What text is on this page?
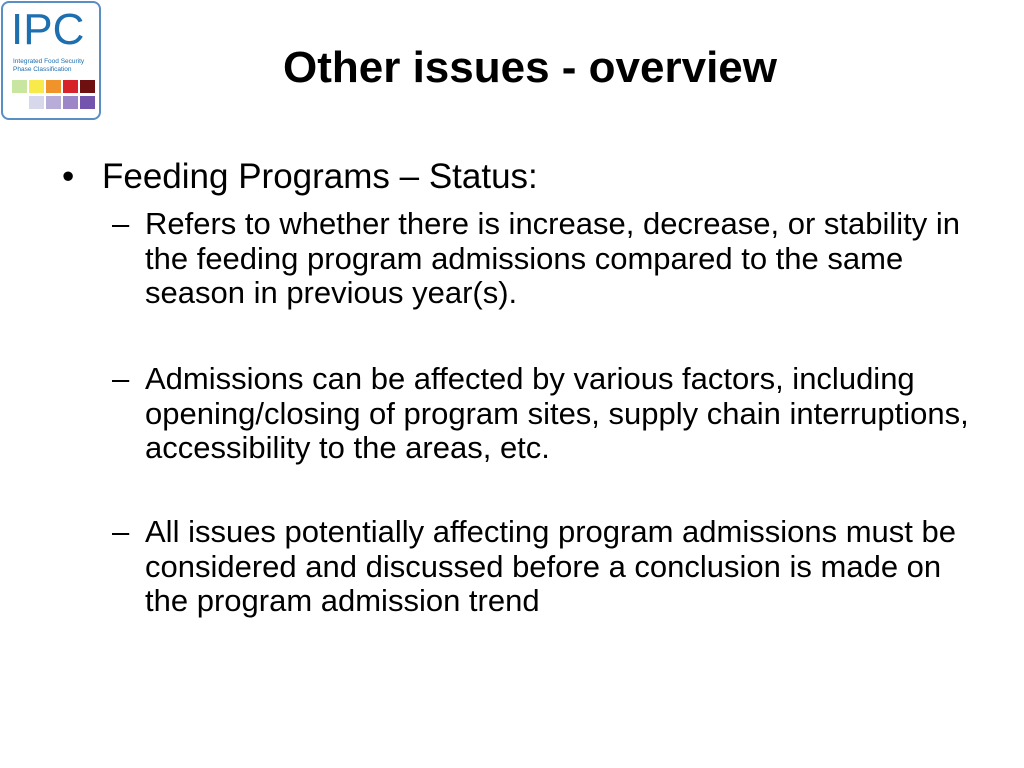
IPC
Integrated Food Security Phase Classification	Other issues - overview
• Feeding Programs – Status:
– Refers to whether there is increase, decrease, or stability in the feeding program admissions compared to the same season in previous year(s).
– Admissions can be affected by various factors, including opening/closing of program sites, supply chain interruptions, accessibility to the areas, etc.
– All issues potentially affecting program admissions must be considered and discussed before a conclusion is made on the program admission trend
